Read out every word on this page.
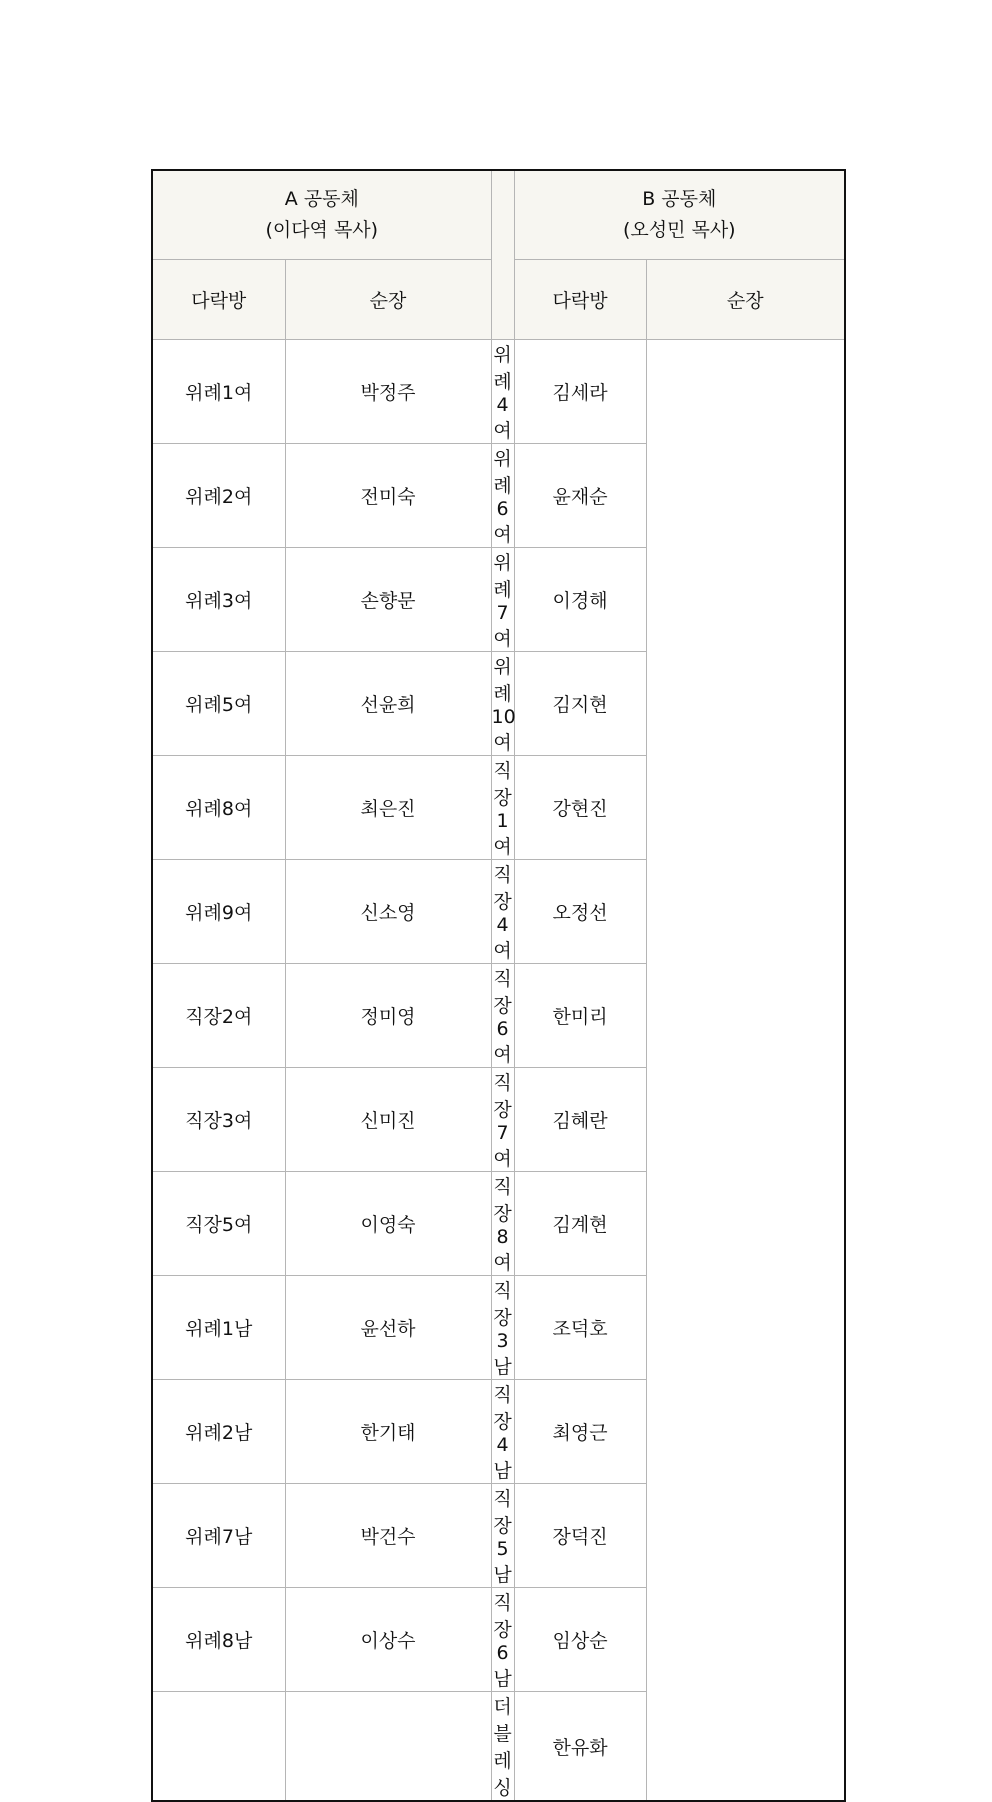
A 공동체
(이다역 목사)			B 공동체
(오성민 목사)	

다락방	순장		다락방	순장
위례1여	박정주	위례4여	김세라	
위례2여	전미숙	위례6여	윤재순	
위례3여	손향문	위례7여	이경해	
위례5여	선윤희	위례10여	김지현	
위례8여	최은진	직장1여	강현진	
위례9여	신소영	직장4여	오정선	
직장2여	정미영	직장6여	한미리	
직장3여	신미진	직장7여	김혜란	
직장5여	이영숙	직장8여	김계현	
위례1남	윤선하	직장3남	조덕호	
위례2남	한기태	직장4남	최영근	
위례7남	박건수	직장5남	장덕진	
위례8남	이상수	직장6남	임상순	
		더블레싱	한유화	
